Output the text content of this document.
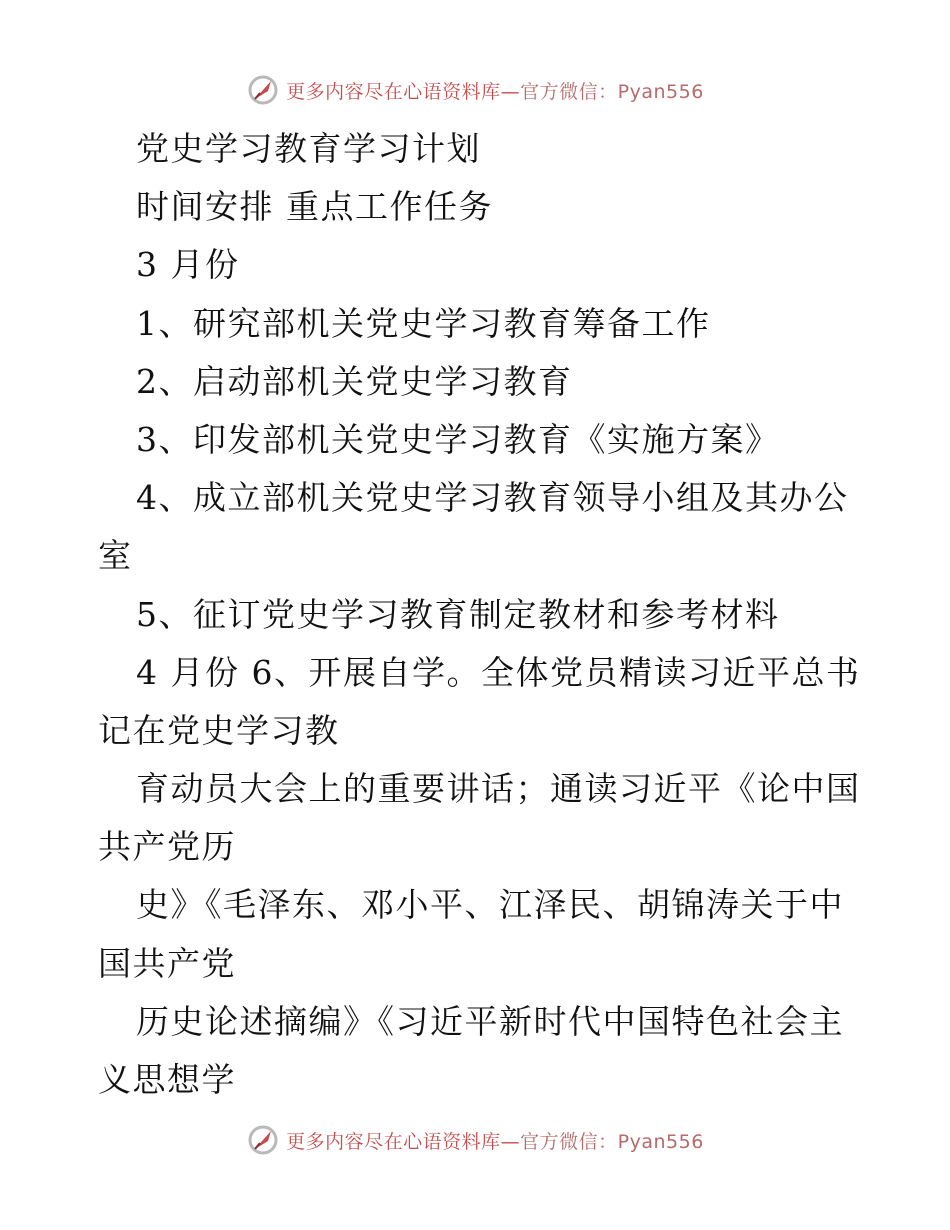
更多内容尽在心语资料库—官方微信：Pyan556
党史学习教育学习计划
时间安排 重点工作任务
3 月份
1、研究部机关党史学习教育筹备工作
2、启动部机关党史学习教育
3、印发部机关党史学习教育《实施方案》
4、成立部机关党史学习教育领导小组及其办公
室
5、征订党史学习教育制定教材和参考材料
4 月份 6、开展自学。全体党员精读习近平总书
记在党史学习教
育动员大会上的重要讲话；通读习近平《论中国
共产党历
史》《毛泽东、邓小平、江泽民、胡锦涛关于中
国共产党
历史论述摘编》《习近平新时代中国特色社会主
义思想学
更多内容尽在心语资料库—官方微信：Pyan556
